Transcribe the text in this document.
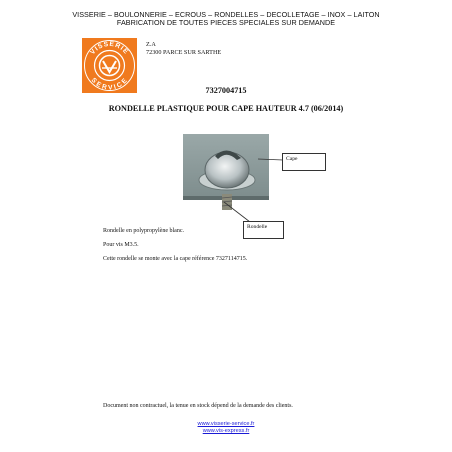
VISSERIE – BOULONNERIE – ECROUS – RONDELLES – DECOLLETAGE – INOX – LAITON
FABRICATION DE TOUTES PIECES SPECIALES SUR DEMANDE
VISSERIE
SERVICE
Z.A
72300 PARCE SUR SARTHE
7327004715
RONDELLE PLASTIQUE POUR CAPE HAUTEUR 4.7 (06/2014)
Cape
Rondelle
Rondelle en polypropylène blanc.
Pour vis M3.5.
Cette rondelle se monte avec la cape référence 7327114715.
Document non contractuel, la tenue en stock dépend de la demande des clients.
www.visserie-service.fr
www.vis-express.fr
